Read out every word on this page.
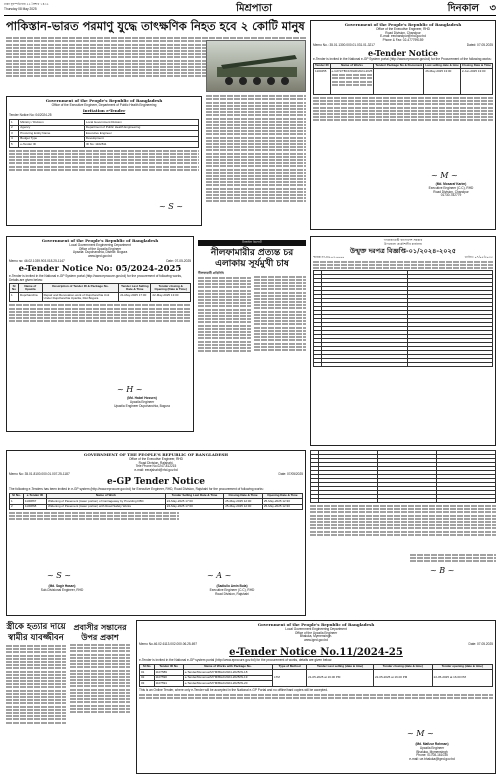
ঢাকা বৃহস্পতিবার ২২ বৈশাখ ১৪৩২
Thursday 08 May 2025	মিশ্রপাতা	দিনকাল	৩
পাকিস্তান-ভারত পরমাণু যুদ্ধে তাৎক্ষণিক নিহত হবে ২ কোটি মানুষ
Government of the People's Republic of Bangladesh
Office of the Executive Engineer, Department of Public Health Engineering
Invitation e-Tender
Tender Notice No: 04/2024-25
1	Ministry / Division	Local Government Division
2	Agency	Department of Public Health Engineering
3	Procuring Entity Name	Executive Engineer
4	Budget Type	Development
5	e-Tender ID	ID No: 1102811
~ S ~
Government of the People's Republic of Bangladesh
Office of the Executive Engineer, RHD
Road Division, Chandpur
E-mail: eechandpur@rhd.gov.bd
Phone & Fax: 02-477799159
Memo No.: 35.01.1300.000.01.031.01-3217	Dated: 07.05.2025
e-Tender Notice
e-Tender is invited in the National e-GP System portal (http://www.eprocure.gov.bd) for the Procurement of the following works:
Tender ID	Name of Works	Tender/ Package No & Document	Last selling date & time	Closing Date & Time
1100255	e-GP/1/TBCF/RHD/2024-2025		26-May-2025 13:00	2-Jun-2025 13:00
~ M ~
(Md. Mosaraf Karim)
Executive Engineer (C.C), RHD
Road Division, Chandpur
01730-782779
Government of the People's Republic of Bangladesh
Local Government Engineering Department
Office of the Upazila Engineer
Upazila: Dupchanchia, District: Bogura
www.lged.gov.bd
Memo no: 46.02.1039.903.018.25-1147	Date: 07-05-2025
e-Tender Notice No: 05/2024-2025
e-Tender is invited in the National e-GP System portal (http://www.eprocure.gov.bd) for the procurement of following works, Details are given below:
Sl No	Name of Upazila	Description of Tender ID & Package No.	Tender Last Selling Date & Time	Tender closing & Opening (Date & Time)
1	Dupchanchia	Repair and Renovation work of Dupchanchia Unit Under Dupchanchia Upazila, Dist Bogura	21-May-2025 17:00	22-May-2025 13:00
~ H ~
(Md. Habel Hossen)
Upazila Engineer
Upazila Engineer Dupchanchia, Bogura
টাঙ্গাইল রিপোর্ট
নীলফামারীর প্রত্যন্ত চর এলাকায় সূর্যমুখী চাষ
নীলফামারী প্রতিনিধি
গণপ্রজাতন্ত্রী বাংলাদেশ সরকার
উপজেলা প্রকৌশলীর কার্যালয়
উন্মুক্ত দরপত্র বিজ্ঞপ্তি-০১/২০২৪-২০২৫
স্মারক নং-৪৬.০২.০০০০	তারিখ: ০৭/০৫/২০২৫

GOVERNMENT OF THE PEOPLE'S REPUBLIC OF BANGLADESH
Office of the Executive Engineer, RHD
Road Division, Rajshahi.
Tele Phone No.0247-812215
e-mail: eerajshahi@rhd.gov.bd
Memo No: 35.01.8100.000.01.007.25-1187	Date: 07/05/2025
e-GP Tender Notice
The following e-Tenders has been invited in e-GP system (http://www.eprocure.gov.bd) for Executive Engineer, RHD, Road Division, Rajshahi for the procurement of following works:
Sl No.	e-Tender ID	Name of Work	Tender Selling Last Date & Time	Closing Date & Time	Opening Date & Time
1	1100867	Widening of Pavement (lower portion) of Carriageway by Providing DBC	22-May-2025 17:00	25-May-2025 12:00	25-May-2025 12:30
2	1100868	Widening of Pavement (lower portion) with Road Safety Works	22-May-2025 17:00	25-May-2025 12:00	25-May-2025 12:30
~ S ~
(Md. Sagir Hasan)
Sub-Divisional Engineer, RHD
~ A ~
(Sadiullo Amin Bula)
Executive Engineer (C.C), RHD
Road Division, Rajshahi

~ B ~
স্ত্রীকে হত্যার দায়ে স্বামীর যাবজ্জীবন
প্রবাসীর সন্তানের উপর প্রকাশ
Government of the People's Republic of Bangladesh
Local Government Engineering Department
Office of the Upazila Engineer
Bhaluka, Mymensingh.
www.lged.gov.bd
Memo No.46.02.6113.002.000.06.25-697	Date: 07.05.2025
e-Tender Notice No.11/2024-25
e-Tender is invited in the National e-GP system portal (http://www.eprocure.gov.bd) for the procurement of works, details are given below.
Sl No	Tender ID No	Name of Works with Package No.	Type of Method	Tender Last selling (date & time)	Tender closing (date & time)	Tender opening (date & time)
01	1107589	e-Tender/Revenue/MYM/BHA/2024-2025/W-18	LTM	21-05-2025 at 16.00 PM	22-05-2025 at 16.00 PM	22-05-2025 at 16.00 PM
02	1107590	e-Tender/Revenue/MYM/BHA/2024-2025/W-19				
03	1107591	e-Tender/Revenue/MYM/BHA/2024-2025/W-20				
This is an Online Tender, where only e-Tender will be accepted in the National e-GP Portal and no offline/hard copies will be accepted.
~ M ~
(Md. Mafizur Rahman)
Upazila Engineer
Bhaluka, Mymensingh
Phone: 01708-161035
e-mail: ue.bhaluka@lged.gov.bd
